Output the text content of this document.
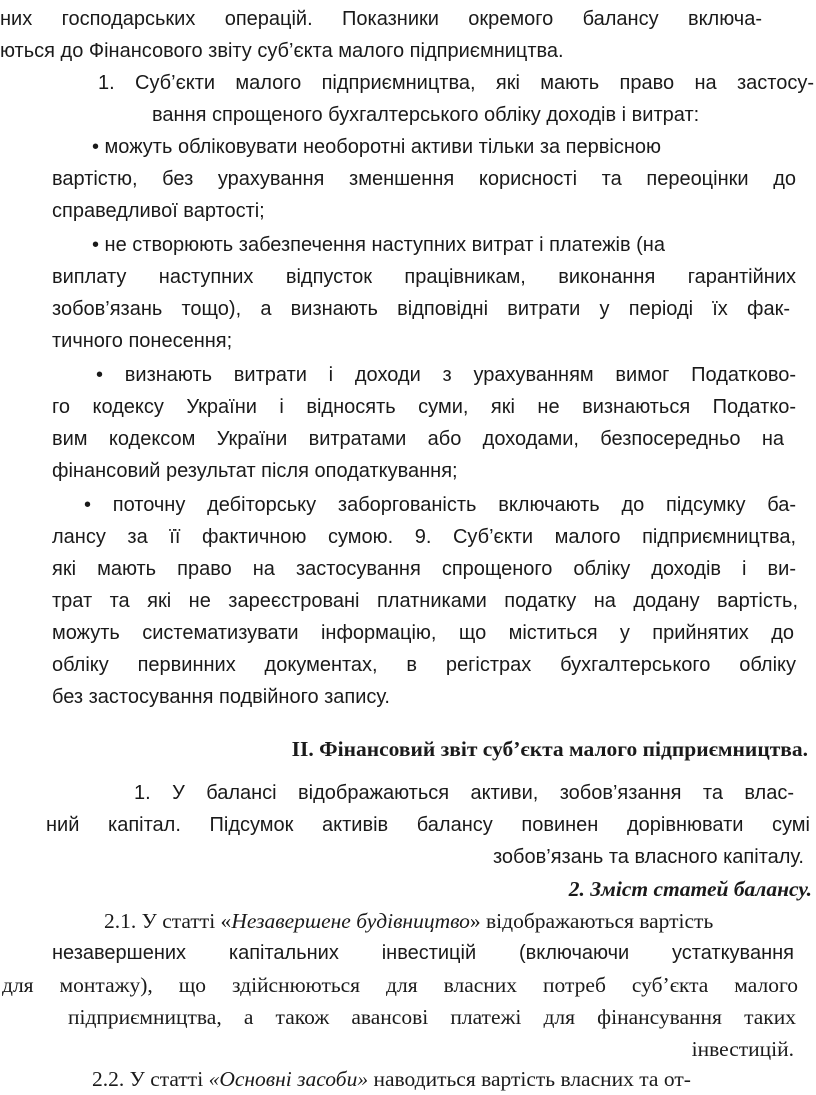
них господарських операцій. Показники окремого балансу включа-

ються до Фінансового звіту суб’єкта малого підприємництва.

1. Суб’єкти малого підприємництва, які мають право на застосу-

вання спрощеного бухгалтерського обліку доходів і витрат:

• можуть обліковувати необоротні активи тільки за первісною

вартістю, без урахування зменшення корисності та переоцінки до

справедливої вартості;

• не створюють забезпечення наступних витрат і платежів (на

виплату наступних відпусток працівникам, виконання гарантійних

зобов’язань тощо), а визнають відповідні витрати у періоді їх фак-

тичного понесення;

• визнають витрати і доходи з урахуванням вимог Податково-

го кодексу України і відносять суми, які не визнаються Податко-

вим кодексом України витратами або доходами, безпосередньо на

фінансовий результат після оподаткування;

• поточну дебіторську заборгованість включають до підсумку ба-

лансу за її фактичною сумою. 9. Суб’єкти малого підприємництва,

які мають право на застосування спрощеного обліку доходів і ви-

трат та які не зареєстровані платниками податку на додану вартість,

можуть систематизувати інформацію, що міститься у прийнятих до

обліку первинних документах, в регістрах бухгалтерського обліку

без застосування подвійного запису.

ІІ. Фінансовий звіт суб’єкта малого підприємництва.

1. У балансі відображаються активи, зобов’язання та влас-

ний капітал. Підсумок активів балансу повинен дорівнювати сумі

зобов’язань та власного капіталу.

2. Зміст статей балансу.

2.1. У статті «Незавершене будівництво» відображаються вартість

незавершених капітальних інвестицій (включаючи устаткування

для монтажу), що здійснюються для власних потреб суб’єкта малого

підприємництва, а також авансові платежі для фінансування таких

інвестицій.

2.2. У статті «Основні засоби» наводиться вартість власних та от-
